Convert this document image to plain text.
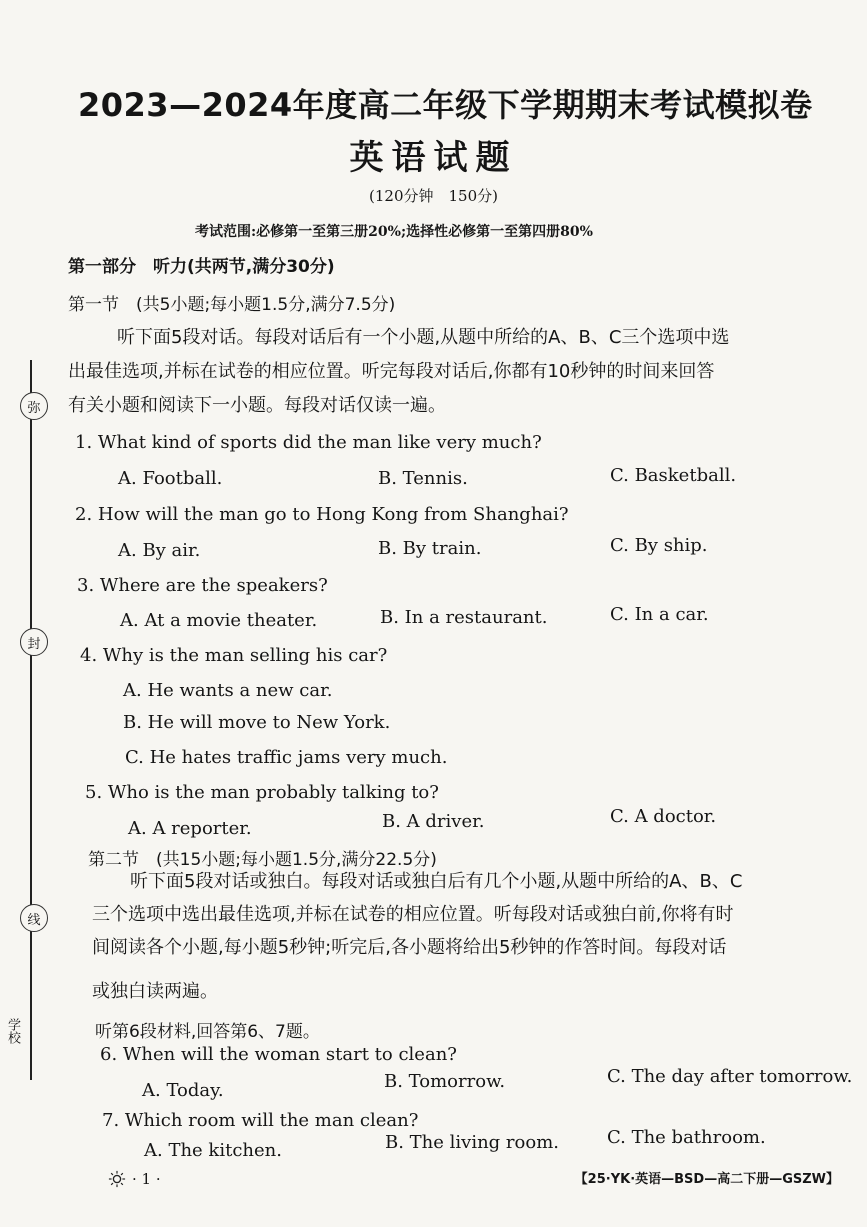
弥
封
线
学校
2023—2024年度高二年级下学期期末考试模拟卷
英语试题
(120分钟　150分)
考试范围:必修第一至第三册20%;选择性必修第一至第四册80%
第一部分　听力(共两节,满分30分)
第一节　(共5小题;每小题1.5分,满分7.5分)
听下面5段对话。每段对话后有一个小题,从题中所给的A、B、C三个选项中选
出最佳选项,并标在试卷的相应位置。听完每段对话后,你都有10秒钟的时间来回答
有关小题和阅读下一小题。每段对话仅读一遍。
1. What kind of sports did the man like very much?
A. Football.	B. Tennis.	C. Basketball.
2. How will the man go to Hong Kong from Shanghai?
A. By air.	B. By train.	C. By ship.
3. Where are the speakers?
A. At a movie theater.	B. In a restaurant.	C. In a car.
4. Why is the man selling his car?
A. He wants a new car.
B. He will move to New York.
C. He hates traffic jams very much.
5. Who is the man probably talking to?
A. A reporter.	B. A driver.	C. A doctor.
第二节　(共15小题;每小题1.5分,满分22.5分)
听下面5段对话或独白。每段对话或独白后有几个小题,从题中所给的A、B、C
三个选项中选出最佳选项,并标在试卷的相应位置。听每段对话或独白前,你将有时
间阅读各个小题,每小题5秒钟;听完后,各小题将给出5秒钟的作答时间。每段对话
或独白读两遍。
听第6段材料,回答第6、7题。
6. When will the woman start to clean?
A. Today.	B. Tomorrow.	C. The day after tomorrow.
7. Which room will the man clean?
A. The kitchen.	B. The living room.	C. The bathroom.
· 1 ·	【25·YK·英语—BSD—高二下册—GSZW】
